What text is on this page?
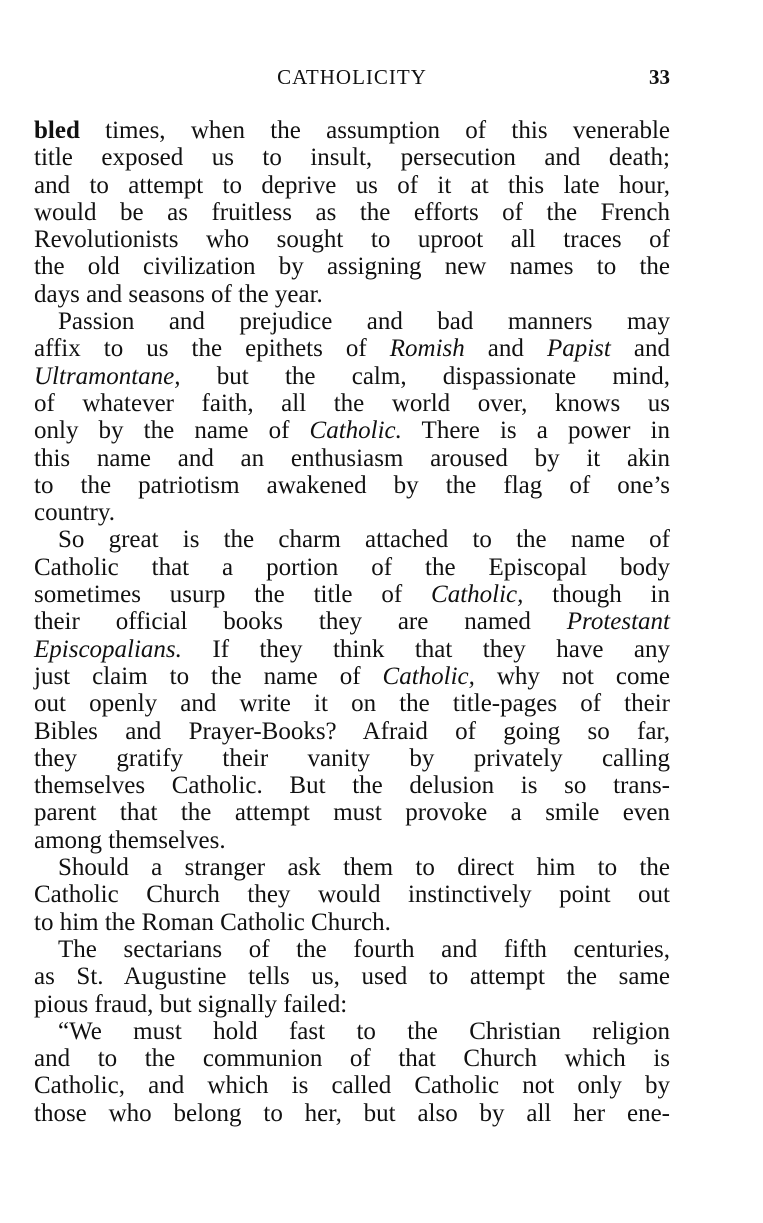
CATHOLICITY	33
bled times, when the assumption of this venerable
title exposed us to insult, persecution and death;
and to attempt to deprive us of it at this late hour,
would be as fruitless as the efforts of the French
Revolutionists who sought to uproot all traces of
the old civilization by assigning new names to the
days and seasons of the year.
Passion and prejudice and bad manners may
affix to us the epithets of Romish and Papist and
Ultramontane, but the calm, dispassionate mind,
of whatever faith, all the world over, knows us
only by the name of Catholic. There is a power in
this name and an enthusiasm aroused by it akin
to the patriotism awakened by the flag of one’s
country.
So great is the charm attached to the name of
Catholic that a portion of the Episcopal body
sometimes usurp the title of Catholic, though in
their official books they are named Protestant
Episcopalians. If they think that they have any
just claim to the name of Catholic, why not come
out openly and write it on the title-pages of their
Bibles and Prayer-Books? Afraid of going so far,
they gratify their vanity by privately calling
themselves Catholic. But the delusion is so trans-
parent that the attempt must provoke a smile even
among themselves.
Should a stranger ask them to direct him to the
Catholic Church they would instinctively point out
to him the Roman Catholic Church.
The sectarians of the fourth and fifth centuries,
as St. Augustine tells us, used to attempt the same
pious fraud, but signally failed:
“We must hold fast to the Christian religion
and to the communion of that Church which is
Catholic, and which is called Catholic not only by
those who belong to her, but also by all her ene-
